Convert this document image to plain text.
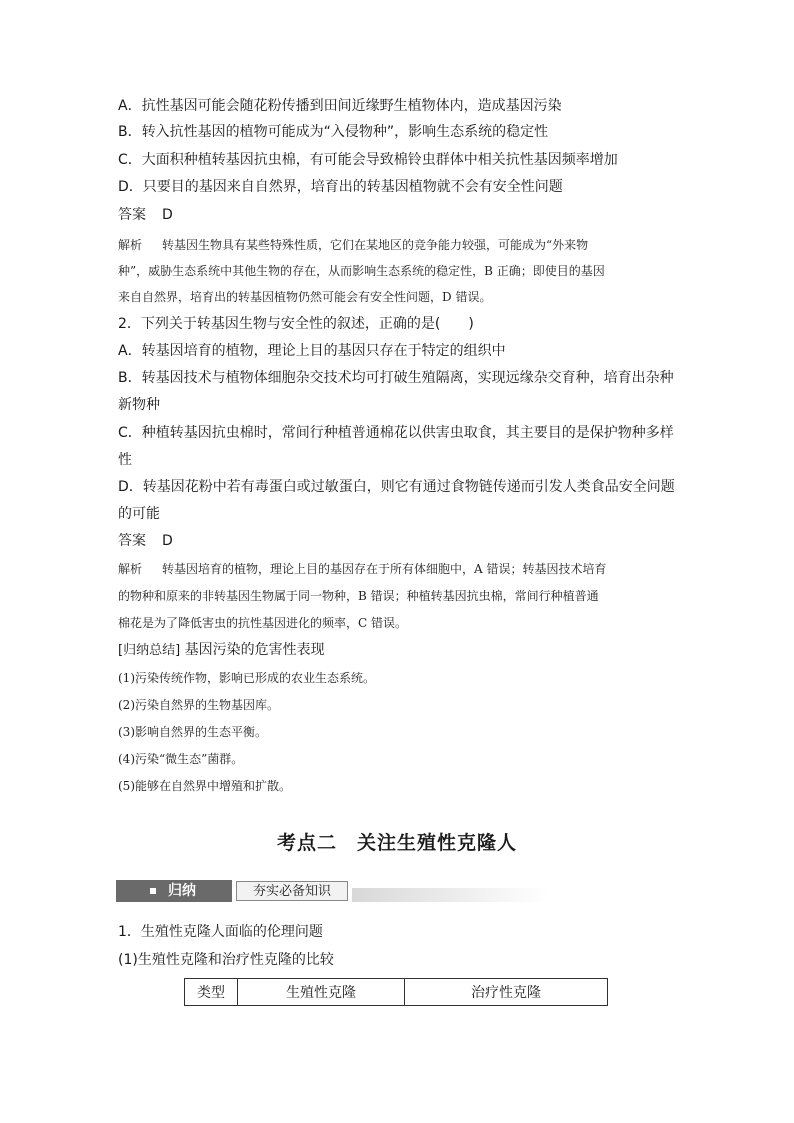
A．抗性基因可能会随花粉传播到田间近缘野生植物体内，造成基因污染
B．转入抗性基因的植物可能成为“入侵物种”，影响生态系统的稳定性
C．大面积种植转基因抗虫棉，有可能会导致棉铃虫群体中相关抗性基因频率增加
D．只要目的基因来自自然界，培育出的转基因植物就不会有安全性问题
答案 D
解析 转基因生物具有某些特殊性质，它们在某地区的竞争能力较强，可能成为“外来物
种”，威胁生态系统中其他生物的存在，从而影响生态系统的稳定性，B 正确；即使目的基因
来自自然界，培育出的转基因植物仍然可能会有安全性问题，D 错误。
2．下列关于转基因生物与安全性的叙述，正确的是(　　)
A．转基因培育的植物，理论上目的基因只存在于特定的组织中
B．转基因技术与植物体细胞杂交技术均可打破生殖隔离，实现远缘杂交育种，培育出杂种
新物种
C．种植转基因抗虫棉时，常间行种植普通棉花以供害虫取食，其主要目的是保护物种多样
性
D．转基因花粉中若有毒蛋白或过敏蛋白，则它有通过食物链传递而引发人类食品安全问题
的可能
答案 D
解析 转基因培育的植物，理论上目的基因存在于所有体细胞中，A 错误；转基因技术培育
的物种和原来的非转基因生物属于同一物种，B 错误；种植转基因抗虫棉，常间行种植普通
棉花是为了降低害虫的抗性基因进化的频率，C 错误。
[归纳总结] 基因污染的危害性表现
(1)污染传统作物，影响已形成的农业生态系统。
(2)污染自然界的生物基因库。
(3)影响自然界的生态平衡。
(4)污染“微生态”菌群。
(5)能够在自然界中增殖和扩散。
考点二　关注生殖性克隆人
归纳	夯实必备知识
1．生殖性克隆人面临的伦理问题
(1)生殖性克隆和治疗性克隆的比较
类型	生殖性克隆	治疗性克隆
